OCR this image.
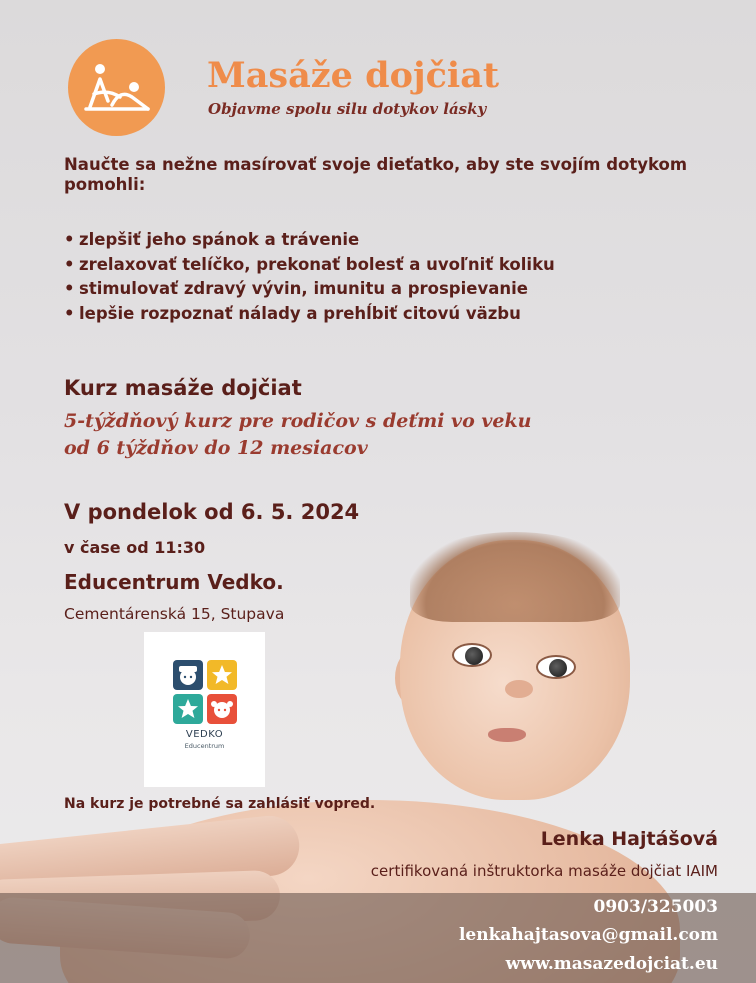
Masáže dojčiat
Objavme spolu silu dotykov lásky
Naučte sa nežne masírovať svoje dieťatko, aby ste svojím dotykom pomohli:
• zlepšiť jeho spánok a trávenie
• zrelaxovať telíčko, prekonať bolesť a uvoľniť koliku
• stimulovať zdravý vývin, imunitu a prospievanie
• lepšie rozpoznať nálady a prehĺbiť citovú väzbu
Kurz masáže dojčiat
5-týždňový kurz pre rodičov s deťmi vo veku
od 6 týždňov do 12 mesiacov
V pondelok od 6. 5. 2024
v čase od 11:30
Educentrum Vedko.
Cementárenská 15, Stupava
VEDKO
Educentrum
Na kurz je potrebné sa zahlásiť vopred.
Lenka Hajtášová
certifikovaná inštruktorka masáže dojčiat IAIM
0903/325003
lenkahajtasova@gmail.com
www.masazedojciat.eu
